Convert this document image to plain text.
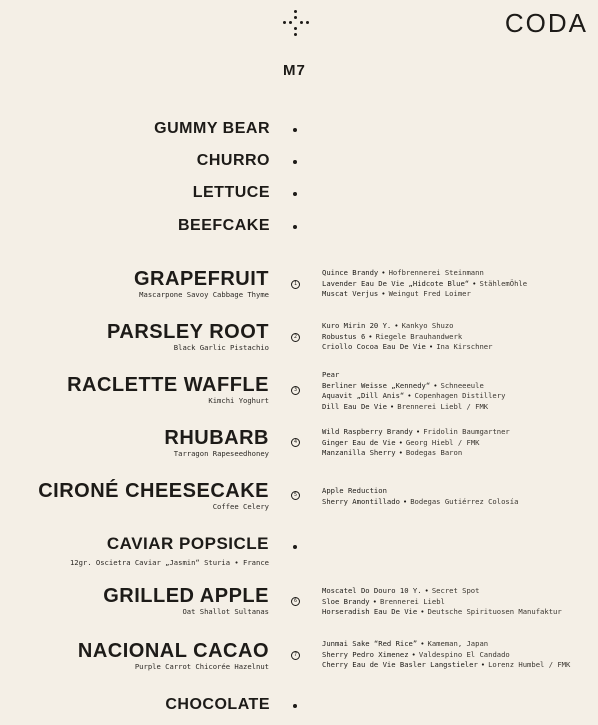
CODA
M7
GUMMY BEAR
CHURRO
LETTUCE
BEEFCAKE
GRAPEFRUIT
Mascarpone Savoy Cabbage Thyme
1
Quince Brandy • Hofbrennerei Steinmann
Lavender Eau De Vie „Hidcote Blue“ • StählemÖhle
Muscat Verjus • Weingut Fred Loimer
PARSLEY ROOT
Black Garlic Pistachio
2
Kuro Mirin 20 Y. • Kankyo Shuzo
Robustus 6 • Riegele Brauhandwerk
Criollo Cocoa Eau De Vie • Ina Kirschner
RACLETTE WAFFLE
Kimchi Yoghurt
3
Pear
Berliner Weisse „Kennedy“ • Schneeeule
Aquavit „Dill Anis“ • Copenhagen Distillery
Dill Eau De Vie • Brennerei Liebl / FMK
RHUBARB
Tarragon Rapeseedhoney
4
Wild Raspberry Brandy • Fridolin Baumgartner
Ginger Eau de Vie • Georg Hiebl / FMK
Manzanilla Sherry • Bodegas Baron
CIRONÉ CHEESECAKE
Coffee Celery
5	Apple Reduction
Sherry Amontillado • Bodegas Gutiérrez Colosía
CAVIAR POPSICLE
12gr. Oscietra Caviar „Jasmin“ Sturia • France
GRILLED APPLE
Oat Shallot Sultanas
6
Moscatel Do Douro 10 Y. • Secret Spot
Sloe Brandy • Brennerei Liebl
Horseradish Eau De Vie • Deutsche Spirituosen Manufaktur
NACIONAL CACAO
Purple Carrot Chicorée Hazelnut
7
Junmai Sake “Red Rice” • Kameman, Japan
Sherry Pedro Ximenez • Valdespino El Candado
Cherry Eau de Vie Basler Langstieler • Lorenz Humbel / FMK
CHOCOLATE
